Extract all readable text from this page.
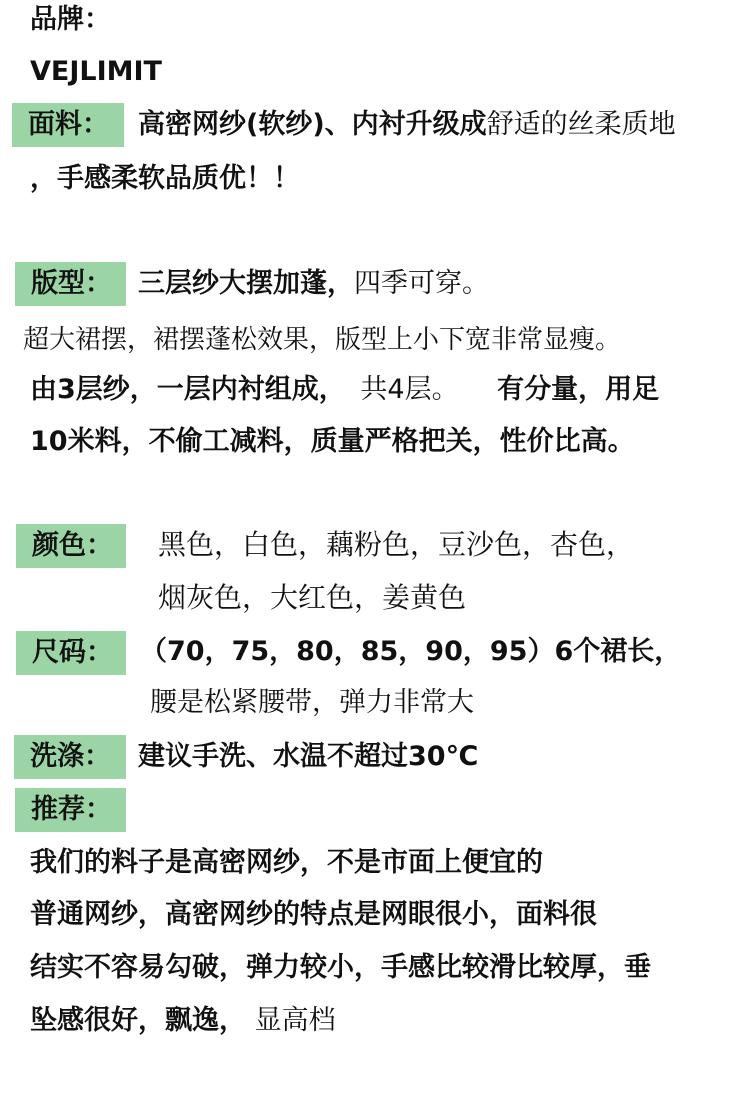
品牌：
VEJLIMIT
面料：	高密网纱(软纱)、内衬升级成舒适的丝柔质地
，手感柔软品质优！！
版型： 三层纱大摆加蓬，四季可穿。
超大裙摆，裙摆蓬松效果，版型上小下宽非常显瘦。
由3层纱，一层内衬组成， 共4层。 有分量，用足
10米料，不偷工减料，质量严格把关，性价比高。
颜色：	黑色，白色，藕粉色，豆沙色，杏色，
烟灰色，大红色，姜黄色
尺码：	（70，75，80，85，90，95）6个裙长，
腰是松紧腰带，弹力非常大
洗涤：	建议手洗、水温不超过30℃
推荐：
我们的料子是高密网纱，不是市面上便宜的
普通网纱，高密网纱的特点是网眼很小，面料很
结实不容易勾破，弹力较小，手感比较滑比较厚，垂
坠感很好，飘逸， 显高档
